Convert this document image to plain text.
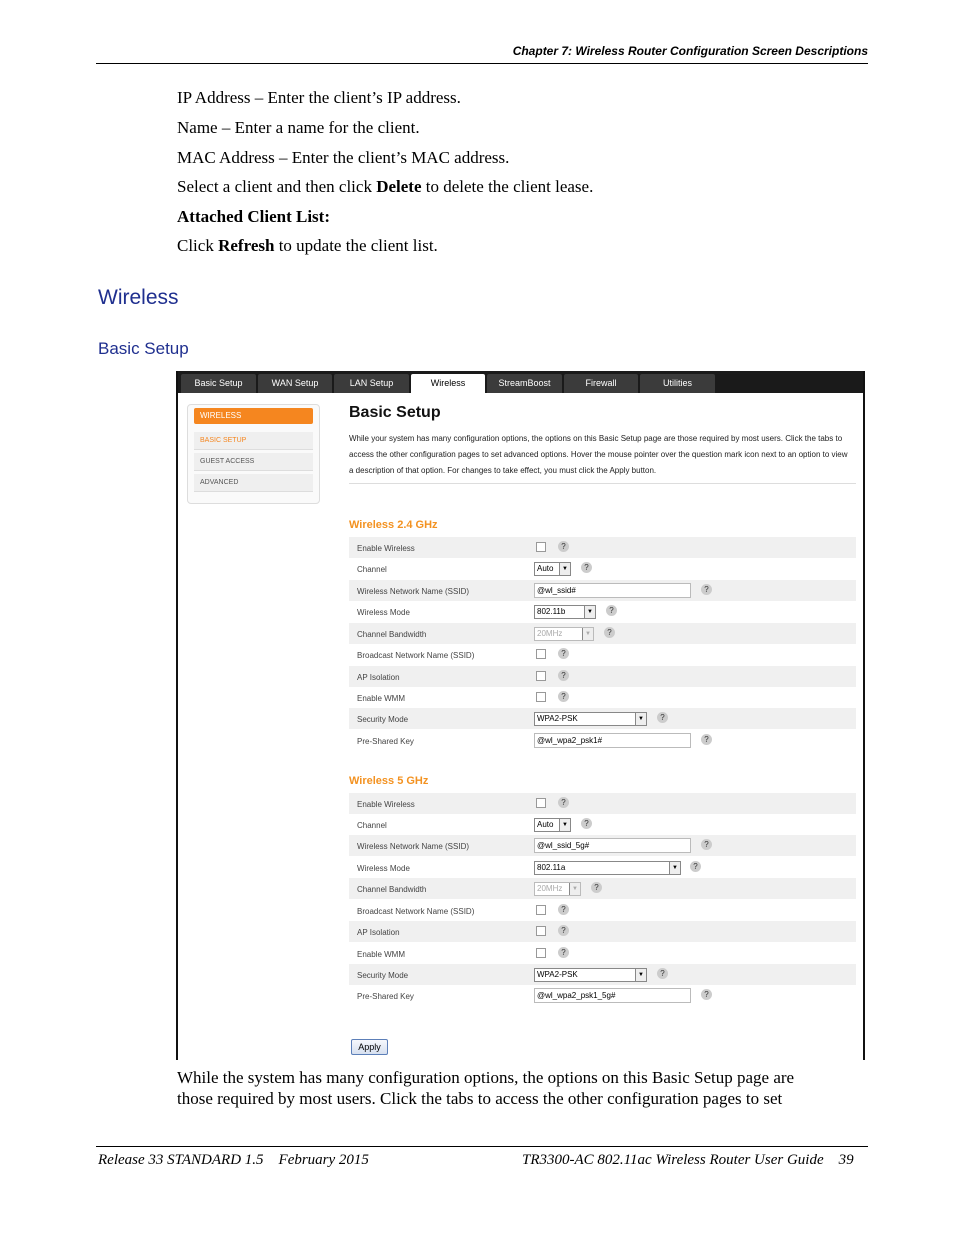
Chapter 7: Wireless Router Configuration Screen Descriptions
IP Address – Enter the client’s IP address.
Name – Enter a name for the client.
MAC Address – Enter the client’s MAC address.
Select a client and then click Delete to delete the client lease.
Attached Client List:
Click Refresh to update the client list.
Wireless
Basic Setup
Basic Setup	WAN Setup	LAN Setup	Wireless	StreamBoost	Firewall	Utilities
WIRELESS
BASIC SETUP
GUEST ACCESS
ADVANCED
Basic Setup
While your system has many configuration options, the options on this Basic Setup page are those required by most users. Click the tabs to access the other configuration pages to set advanced options. Hover the mouse pointer over the question mark icon next to an option to view a description of that option. For changes to take effect, you must click the Apply button.
Wireless 2.4 GHz
Enable Wireless	?
Channel	Auto	▼	?
Wireless Network Name (SSID)	@wl_ssid#	?
Wireless Mode	802.11b	▼	?
Channel Bandwidth	20MHz	▼	?
Broadcast Network Name (SSID)	?
AP Isolation	?
Enable WMM	?
Security Mode	WPA2-PSK	▼	?
Pre-Shared Key	@wl_wpa2_psk1#	?
Wireless 5 GHz
Enable Wireless	?
Channel	Auto	▼	?
Wireless Network Name (SSID)	@wl_ssid_5g#	?
Wireless Mode	802.11a	▼	?
Channel Bandwidth	20MHz	▼	?
Broadcast Network Name (SSID)	?
AP Isolation	?
Enable WMM	?
Security Mode	WPA2-PSK	▼	?
Pre-Shared Key	@wl_wpa2_psk1_5g#	?
Apply
While the system has many configuration options, the options on this Basic Setup page are
those required by most users. Click the tabs to access the other configuration pages to set
Release 33 STANDARD 1.5    February 2015	TR3300-AC 802.11ac Wireless Router User Guide    39
